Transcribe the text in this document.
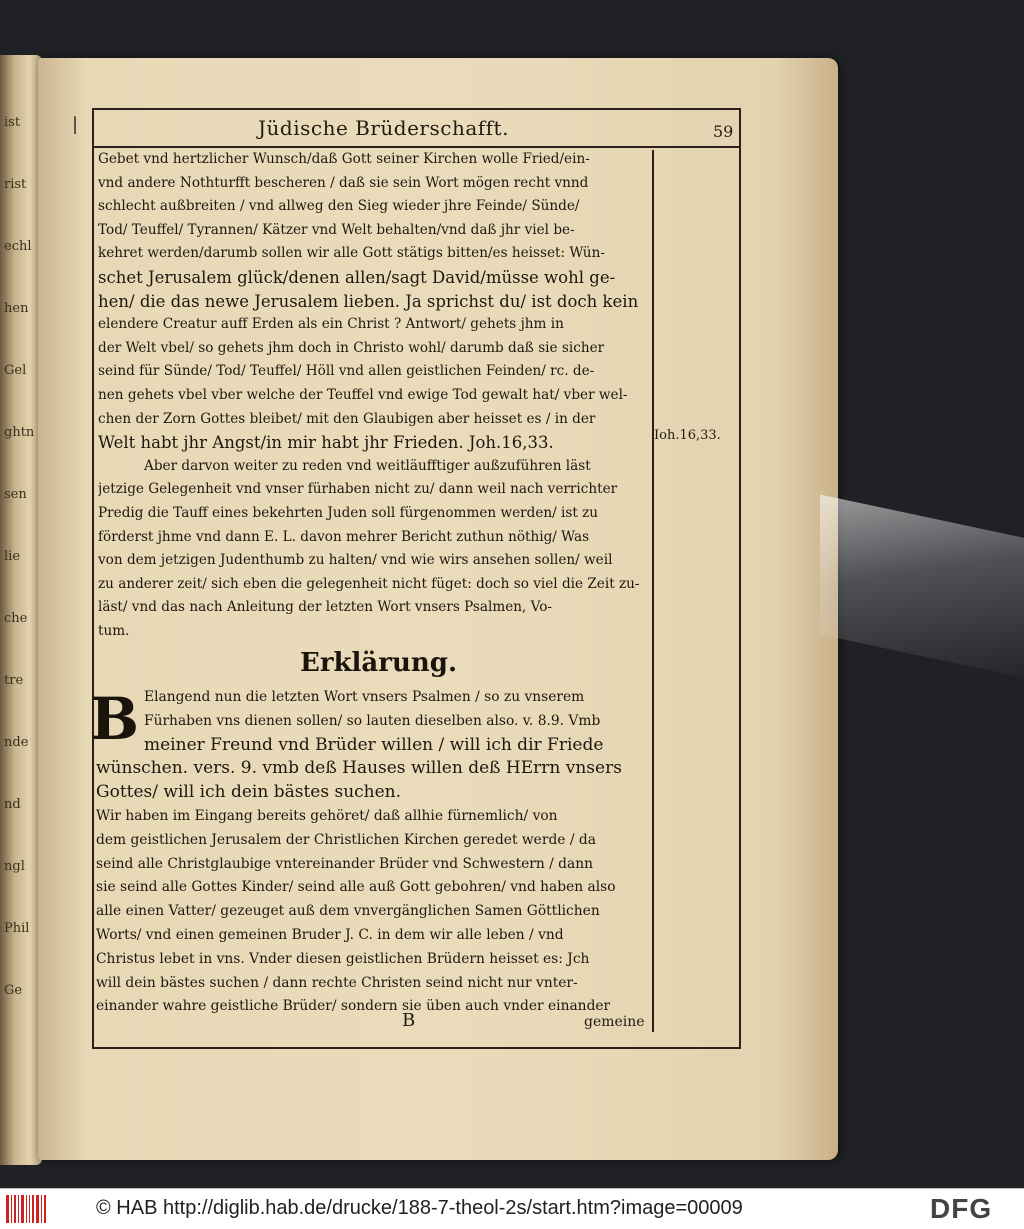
ist
rist
echl
hen
Gel
ghtn
sen
lie
che
tre
nde
nd
ngl
Phil
Ge
|	Jüdische Brüderschafft.	59
Gebet vnd hertzlicher Wunsch/daß Gott seiner Kirchen wolle Fried/ein-
vnd andere Nothturfft bescheren / daß sie sein Wort mögen recht vnnd
schlecht außbreiten / vnd allweg den Sieg wieder jhre Feinde/ Sünde/
Tod/ Teuffel/ Tyrannen/ Kätzer vnd Welt behalten/vnd daß jhr viel be-
kehret werden/darumb sollen wir alle Gott stätigs bitten/es heisset: Wün-
schet Jerusalem glück/denen allen/sagt David/müsse wohl ge-
hen/ die das newe Jerusalem lieben. Ja sprichst du/ ist doch kein
elendere Creatur auff Erden als ein Christ ? Antwort/ gehets jhm in
der Welt vbel/ so gehets jhm doch in Christo wohl/ darumb daß sie sicher
seind für Sünde/ Tod/ Teuffel/ Höll vnd allen geistlichen Feinden/ rc. de-
nen gehets vbel vber welche der Teuffel vnd ewige Tod gewalt hat/ vber wel-
chen der Zorn Gottes bleibet/ mit den Glaubigen aber heisset es / in der
Welt habt jhr Angst/in mir habt jhr Frieden. Joh.16,33.
Aber darvon weiter zu reden vnd weitläufftiger außzuführen läst
jetzige Gelegenheit vnd vnser fürhaben nicht zu/ dann weil nach verrichter
Predig die Tauff eines bekehrten Juden soll fürgenommen werden/ ist zu
förderst jhme vnd dann E. L. davon mehrer Bericht zuthun nöthig/ Was
von dem jetzigen Judenthumb zu halten/ vnd wie wirs ansehen sollen/ weil
zu anderer zeit/ sich eben die gelegenheit nicht füget: doch so viel die Zeit zu-
läst/ vnd das nach Anleitung der letzten Wort vnsers Psalmen, Vo-
tum.
Ioh.16,33.
Erklärung.
B Elangend nun die letzten Wort vnsers Psalmen / so zu vnserem
Fürhaben vns dienen sollen/ so lauten dieselben also. v. 8.9. Vmb
meiner Freund vnd Brüder willen / will ich dir Friede
wünschen. vers. 9. vmb deß Hauses willen deß HErrn vnsers
Gottes/ will ich dein bästes suchen.
Wir haben im Eingang bereits gehöret/ daß allhie fürnemlich/ von
dem geistlichen Jerusalem der Christlichen Kirchen geredet werde / da
seind alle Christglaubige vntereinander Brüder vnd Schwestern / dann
sie seind alle Gottes Kinder/ seind alle auß Gott gebohren/ vnd haben also
alle einen Vatter/ gezeuget auß dem vnvergänglichen Samen Göttlichen
Worts/ vnd einen gemeinen Bruder J. C. in dem wir alle leben / vnd
Christus lebet in vns. Vnder diesen geistlichen Brüdern heisset es: Jch
will dein bästes suchen / dann rechte Christen seind nicht nur vnter-
einander wahre geistliche Brüder/ sondern sie üben auch vnder einander
B	gemeine
© HAB http://diglib.hab.de/drucke/188-7-theol-2s/start.htm?image=00009	DFG
